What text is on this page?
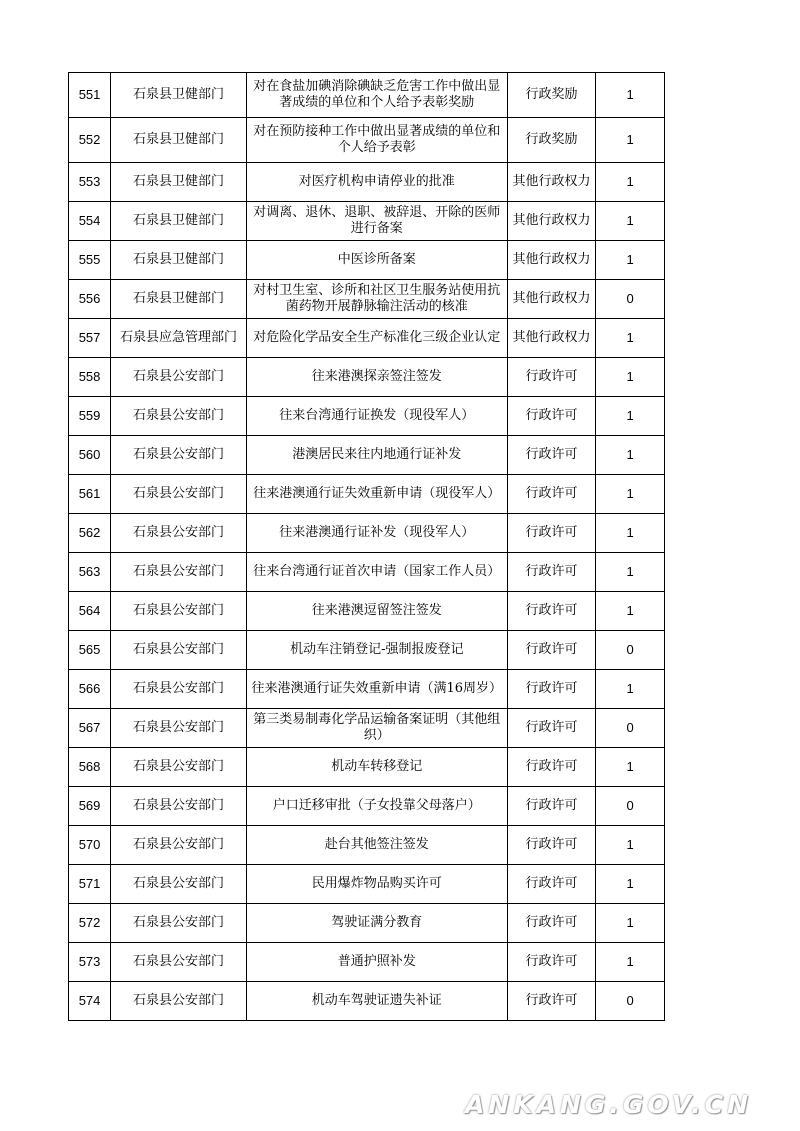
551	石泉县卫健部门	对在食盐加碘消除碘缺乏危害工作中做出显著成绩的单位和个人给予表彰奖励	行政奖励	1
552	石泉县卫健部门	对在预防接种工作中做出显著成绩的单位和个人给予表彰	行政奖励	1
553	石泉县卫健部门	对医疗机构申请停业的批准	其他行政权力	1
554	石泉县卫健部门	对调离、退休、退职、被辞退、开除的医师进行备案	其他行政权力	1
555	石泉县卫健部门	中医诊所备案	其他行政权力	1
556	石泉县卫健部门	对村卫生室、诊所和社区卫生服务站使用抗菌药物开展静脉输注活动的核准	其他行政权力	0
557	石泉县应急管理部门	对危险化学品安全生产标准化三级企业认定	其他行政权力	1
558	石泉县公安部门	往来港澳探亲签注签发	行政许可	1
559	石泉县公安部门	往来台湾通行证换发（现役军人）	行政许可	1
560	石泉县公安部门	港澳居民来往内地通行证补发	行政许可	1
561	石泉县公安部门	往来港澳通行证失效重新申请（现役军人）	行政许可	1
562	石泉县公安部门	往来港澳通行证补发（现役军人）	行政许可	1
563	石泉县公安部门	往来台湾通行证首次申请（国家工作人员）	行政许可	1
564	石泉县公安部门	往来港澳逗留签注签发	行政许可	1
565	石泉县公安部门	机动车注销登记-强制报废登记	行政许可	0
566	石泉县公安部门	往来港澳通行证失效重新申请（满16周岁）	行政许可	1
567	石泉县公安部门	第三类易制毒化学品运输备案证明（其他组织）	行政许可	0
568	石泉县公安部门	机动车转移登记	行政许可	1
569	石泉县公安部门	户口迁移审批（子女投靠父母落户）	行政许可	0
570	石泉县公安部门	赴台其他签注签发	行政许可	1
571	石泉县公安部门	民用爆炸物品购买许可	行政许可	1
572	石泉县公安部门	驾驶证满分教育	行政许可	1
573	石泉县公安部门	普通护照补发	行政许可	1
574	石泉县公安部门	机动车驾驶证遗失补证	行政许可	0
ANKANG.GOV.CN
